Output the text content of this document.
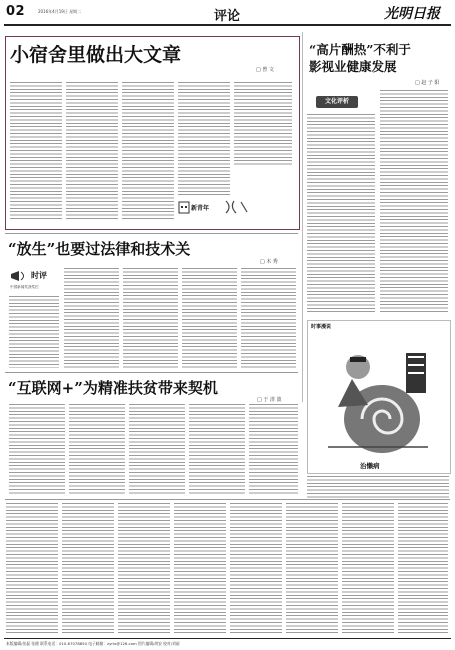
02	2016年4月19日 星期二	评论	光明日报
小宿舍里做出大文章
□ 曾 文
新青年
“高片酬热”不利于
影视业健康发展
□ 赵 子 阳
文化评析
“放生”也要过法律和技术关
□ 木 秀
时评
中国新闻奖获奖栏
时事漫说
治懒病
“互联网+”为精准扶贫带来契机
□ 于 清 波
本版编辑/张磊 张健 联系电话：010-67078850 电子邮箱：zyrlx@126.com 图片编辑/胡安 校对/刘丽
